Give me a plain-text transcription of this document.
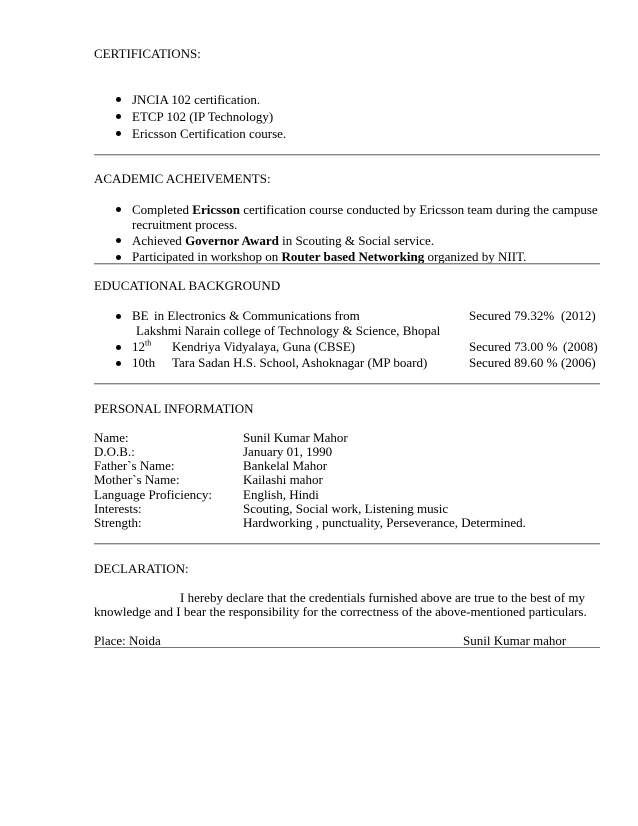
CERTIFICATIONS:
JNCIA 102 certification.
ETCP 102 (IP Technology)
Ericsson Certification course.
ACADEMIC ACHEIVEMENTS:
Completed Ericsson certification course conducted by Ericsson team during the campuse
recruitment process.
Achieved Governor Award in Scouting & Social service.
Participated in workshop on Router based Networking organized by NIIT.
EDUCATIONAL BACKGROUND
BE in Electronics & Communications from	Secured 79.32% (2012)
Lakshmi Narain college of Technology & Science, Bhopal
12th Kendriya Vidyalaya, Guna (CBSE)	Secured 73.00 % (2008)
10th Tara Sadan H.S. School, Ashoknagar (MP board)	Secured 89.60 % (2006)
PERSONAL INFORMATION
Name:	Sunil Kumar Mahor
D.O.B.:	January 01, 1990
Father`s Name:	Bankelal Mahor
Mother`s Name:	Kailashi mahor
Language Proficiency: English, Hindi
Interests:	Scouting, Social work, Listening music
Strength:	Hardworking , punctuality, Perseverance, Determined.
DECLARATION:
I hereby declare that the credentials furnished above are true to the best of my
knowledge and I bear the responsibility for the correctness of the above-mentioned particulars.
Place: Noida	Sunil Kumar mahor
